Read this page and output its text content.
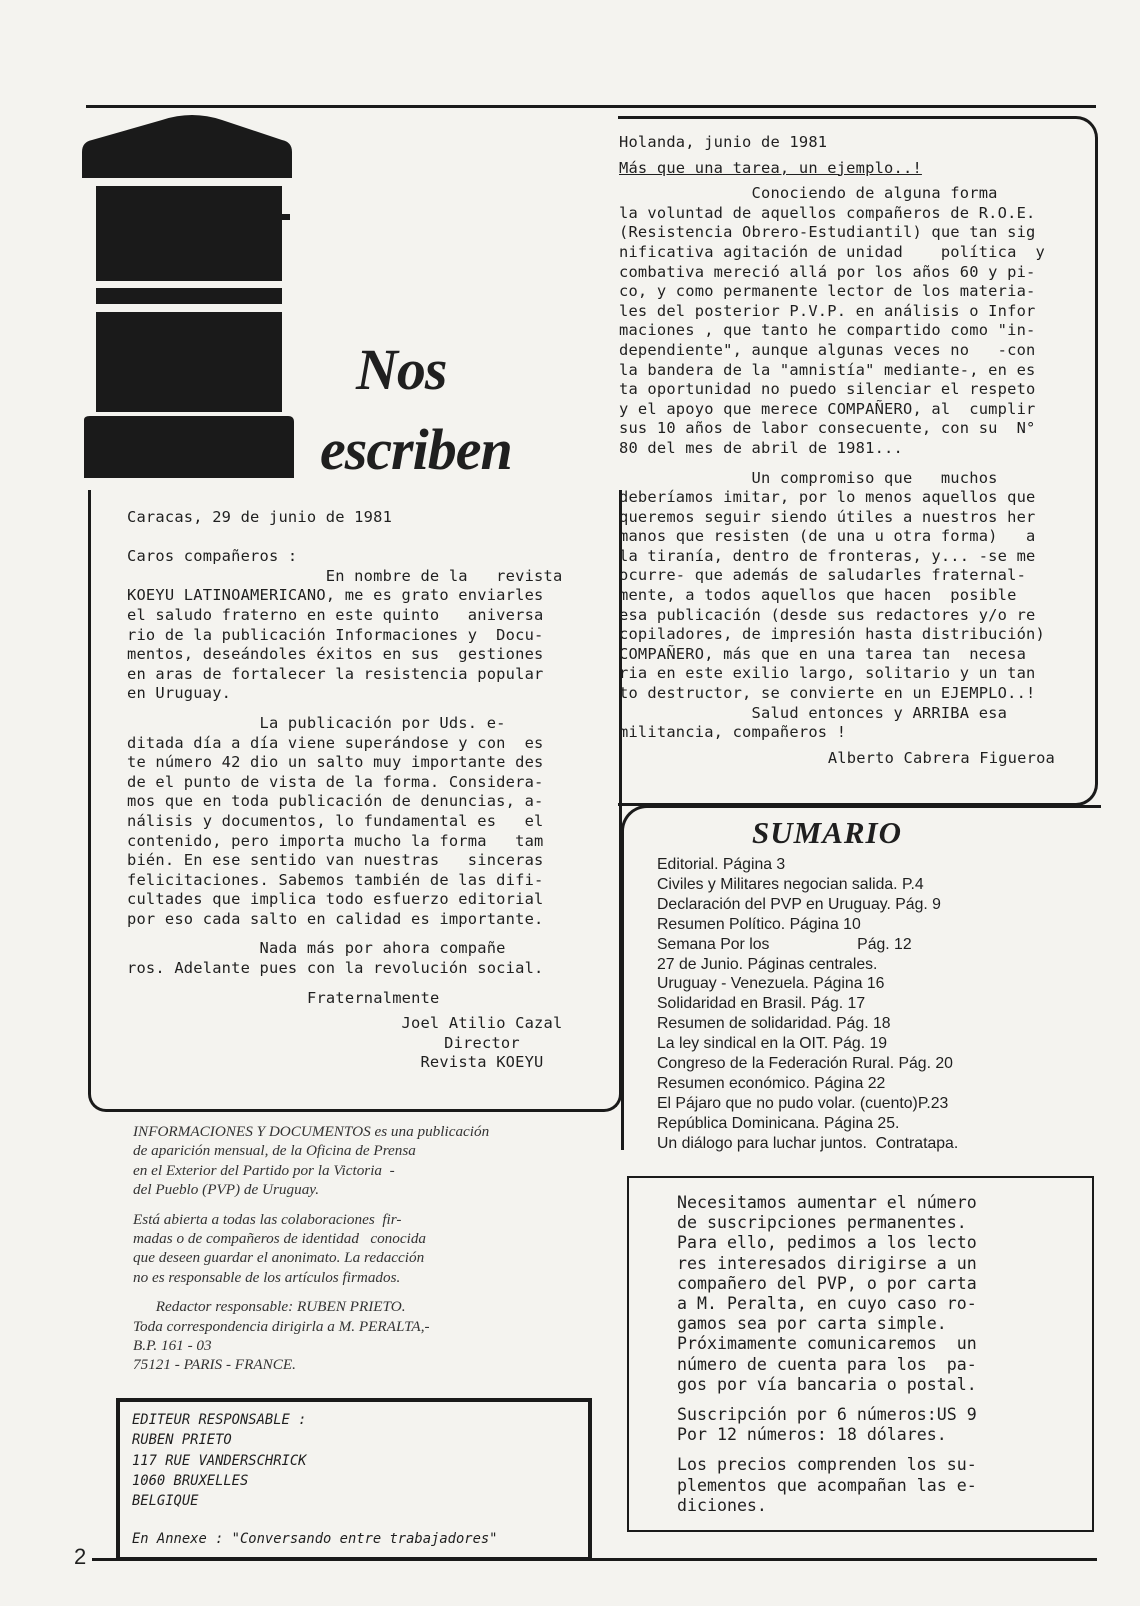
Nos
escriben
Caracas, 29 de junio de 1981

Caros compañeros :
En nombre de la   revista
KOEYU LATINOAMERICANO, me es grato enviarles
el saludo fraterno en este quinto   aniversa
rio de la publicación Informaciones y  Docu-
mentos, deseándoles éxitos en sus  gestiones
en aras de fortalecer la resistencia popular
en Uruguay.
La publicación por Uds. e-
ditada día a día viene superándose y con  es
te número 42 dio un salto muy importante des
de el punto de vista de la forma. Considera-
mos que en toda publicación de denuncias, a-
nálisis y documentos, lo fundamental es   el
contenido, pero importa mucho la forma   tam
bién. En ese sentido van nuestras   sinceras
felicitaciones. Sabemos también de las difi-
cultades que implica todo esfuerzo editorial
por eso cada salto en calidad es importante.
Nada más por ahora compañe
ros. Adelante pues con la revolución social.
Fraternalmente
Joel Atilio Cazal
Director
Revista KOEYU
Holanda, junio de 1981
Más que una tarea, un ejemplo..!
Conociendo de alguna forma
la voluntad de aquellos compañeros de R.O.E.
(Resistencia Obrero-Estudiantil) que tan sig
nificativa agitación de unidad    política  y
combativa mereció allá por los años 60 y pi-
co, y como permanente lector de los materia-
les del posterior P.V.P. en análisis o Infor
maciones , que tanto he compartido como "in-
dependiente", aunque algunas veces no   -con
la bandera de la "amnistía" mediante-, en es
ta oportunidad no puedo silenciar el respeto
y el apoyo que merece COMPAÑERO, al  cumplir
sus 10 años de labor consecuente, con su  N°
80 del mes de abril de 1981...
Un compromiso que   muchos
deberíamos imitar, por lo menos aquellos que
queremos seguir siendo útiles a nuestros her
manos que resisten (de una u otra forma)   a
la tiranía, dentro de fronteras, y... -se me
ocurre- que además de saludarles fraternal-
mente, a todos aquellos que hacen  posible
esa publicación (desde sus redactores y/o re
copiladores, de impresión hasta distribución)
COMPAÑERO, más que en una tarea tan  necesa
ria en este exilio largo, solitario y un tan
to destructor, se convierte en un EJEMPLO..!
Salud entonces y ARRIBA esa
militancia, compañeros !
Alberto Cabrera Figueroa
SUMARIO
Editorial. Página 3
Civiles y Militares negocian salida. P.4
Declaración del PVP en Uruguay. Pág. 9
Resumen Político. Página 10
Semana Por los                    Pág. 12
27 de Junio. Páginas centrales.
Uruguay - Venezuela. Página 16
Solidaridad en Brasil. Pág. 17
Resumen de solidaridad. Pág. 18
La ley sindical en la OIT. Pág. 19
Congreso de la Federación Rural. Pág. 20
Resumen económico. Página 22
El Pájaro que no pudo volar. (cuento)P.23
República Dominicana. Página 25.
Un diálogo para luchar juntos.  Contratapa.
INFORMACIONES Y DOCUMENTOS es una publicación
de aparición mensual, de la Oficina de Prensa
en el Exterior del Partido por la Victoria  -
del Pueblo (PVP) de Uruguay.
Está abierta a todas las colaboraciones  fir-
madas o de compañeros de identidad   conocida
que deseen guardar el anonimato. La redacción
no es responsable de los artículos firmados.
Redactor responsable: RUBEN PRIETO.
Toda correspondencia dirigirla a M. PERALTA,-
B.P. 161 - 03
75121 - PARIS - FRANCE.
EDITEUR RESPONSABLE :
RUBEN PRIETO
117 RUE VANDERSCHRICK
1060 BRUXELLES
BELGIQUE
En Annexe : "Conversando entre trabajadores"
Necesitamos aumentar el número
de suscripciones permanentes.
Para ello, pedimos a los lecto
res interesados dirigirse a un
compañero del PVP, o por carta
a M. Peralta, en cuyo caso ro-
gamos sea por carta simple.
Próximamente comunicaremos  un
número de cuenta para los  pa-
gos por vía bancaria o postal.
Suscripción por 6 números:US 9
Por 12 números: 18 dólares.
Los precios comprenden los su-
plementos que acompañan las e-
diciones.
2
